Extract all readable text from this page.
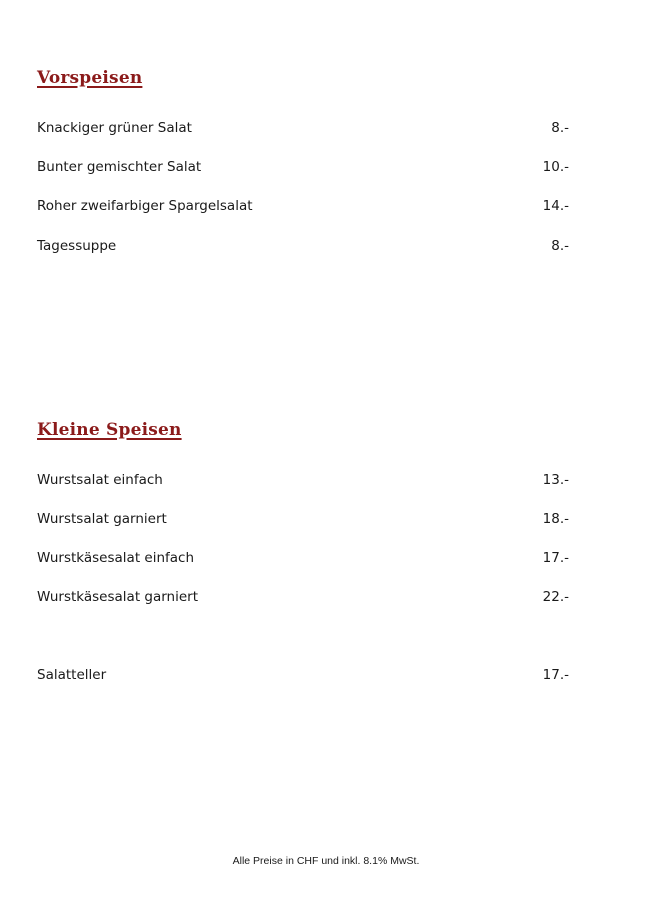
Vorspeisen
Knackiger grüner Salat	8.-
Bunter gemischter Salat	10.-
Roher zweifarbiger Spargelsalat	14.-
Tagessuppe	8.-
Kleine Speisen
Wurstsalat einfach	13.-
Wurstsalat garniert	18.-
Wurstkäsesalat einfach	17.-
Wurstkäsesalat garniert	22.-
Salatteller	17.-
Alle Preise in CHF und inkl. 8.1% MwSt.
